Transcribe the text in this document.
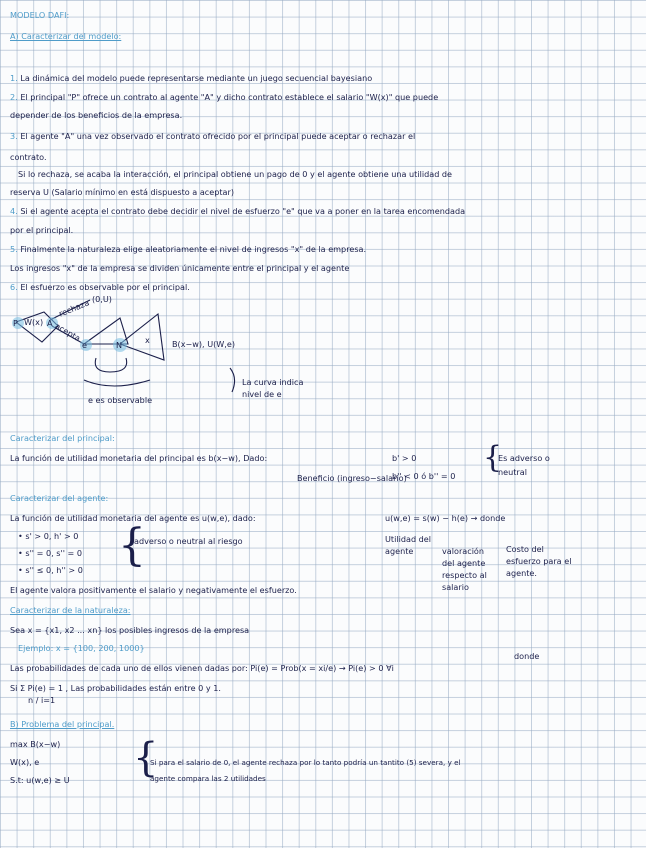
MODELO DAFI:
A) Caracterizar del modelo:
1. La dinámica del modelo puede representarse mediante un juego secuencial bayesiano
2. El principal "P" ofrece un contrato al agente "A" y dicho contrato establece el salario "W(x)" que puede
depender de los beneficios de la empresa.
3. El agente "A" una vez observado el contrato ofrecido por el principal puede aceptar o rechazar el
contrato.
Si lo rechaza, se acaba la interacción, el principal obtiene un pago de 0 y el agente obtiene una utilidad de
reserva U (Salario mínimo en está dispuesto a aceptar)
4. Si el agente acepta el contrato debe decidir el nivel de esfuerzo "e" que va a poner en la tarea encomendada
por el principal.
5. Finalmente la naturaleza elige aleatoriamente el nivel de ingresos "x" de la empresa.
Los ingresos "x" de la empresa se dividen únicamente entre el principal y el agente
6. El esfuerzo es observable por el principal.
P W(x) A
rechaza (0,U)
acepta
e	N	x	B(x−w), U(W,e)
La curva indica nivel de e
e es observable
Caracterizar del principal:
La función de utilidad monetaria del principal es b(x−w), Dado:
Beneficio (ingreso−salario)
b' > 0
b'' < 0 ó b'' = 0
{
Es adverso o
neutral
Caracterizar del agente:
La función de utilidad monetaria del agente es u(w,e), dado:	u(w,e) = s(w) − h(e) → donde
Utilidad del agente	valoración del agente respecto al salario
Costo del esfuerzo para el agente.
• s' > 0, h' > 0
• s'' = 0, s'' = 0
• s'' ≤ 0, h'' > 0 {
adverso o neutral al riesgo
El agente valora positivamente el salario y negativamente el esfuerzo.
Caracterizar de la naturaleza:
Sea x = {x1, x2 ... xn} los posibles ingresos de la empresa
Ejemplo: x = {100, 200, 1000}
donde
Las probabilidades de cada uno de ellos vienen dadas por: Pi(e) = Prob(x = xi/e) → Pi(e) > 0 ∀i
Si Σ Pi(e) = 1 , Las probabilidades están entre 0 y 1.
n / i=1
B) Problema del principal.
max B(x−w)
W(x), e
S.t: u(w,e) ≥ U {
Si para el salario de 0, el agente rechaza por lo tanto podría un tantito (5) severa, y el
agente compara las 2 utilidades
